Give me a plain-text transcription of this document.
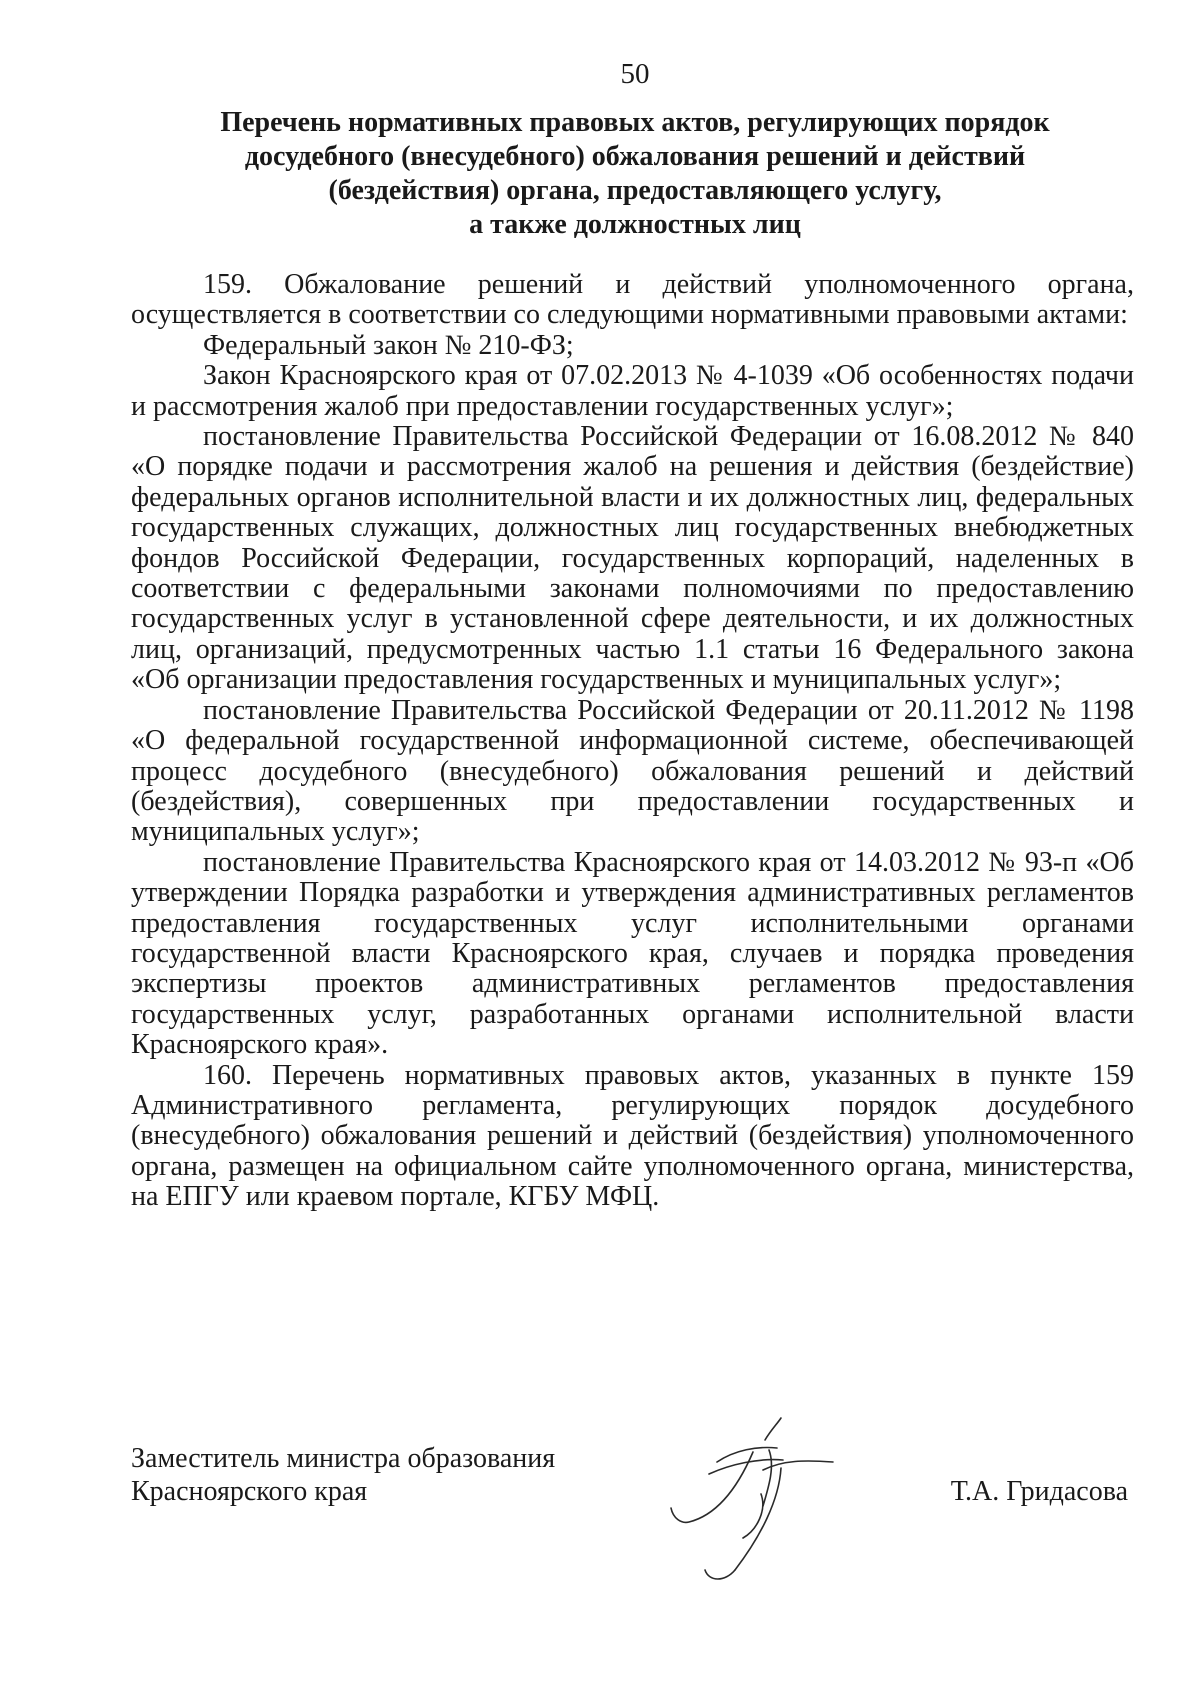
50
Перечень нормативных правовых актов, регулирующих порядок
досудебного (внесудебного) обжалования решений и действий
(бездействия) органа, предоставляющего услугу,
а также должностных лиц

159. Обжалование решений и действий уполномоченного органа, осуществляется в соответствии со следующими нормативными правовыми актами:

Федеральный закон № 210-ФЗ;

Закон Красноярского края от 07.02.2013 № 4-1039 «Об особенностях подачи и рассмотрения жалоб при предоставлении государственных услуг»;

постановление Правительства Российской Федерации от 16.08.2012 № 840 «О порядке подачи и рассмотрения жалоб на решения и действия (бездействие) федеральных органов исполнительной власти и их должностных лиц, федеральных государственных служащих, должностных лиц государственных внебюджетных фондов Российской Федерации, государственных корпораций, наделенных в соответствии с федеральными законами полномочиями по предоставлению государственных услуг в установленной сфере деятельности, и их должностных лиц, организаций, предусмотренных частью 1.1 статьи 16 Федерального закона «Об организации предоставления государственных и муниципальных услуг»;

постановление Правительства Российской Федерации от 20.11.2012 № 1198 «О федеральной государственной информационной системе, обеспечивающей процесс досудебного (внесудебного) обжалования решений и действий (бездействия), совершенных при предоставлении государственных и муниципальных услуг»;

постановление Правительства Красноярского края от 14.03.2012 № 93-п «Об утверждении Порядка разработки и утверждения административных регламентов предоставления государственных услуг исполнительными органами государственной власти Красноярского края, случаев и порядка проведения экспертизы проектов административных регламентов предоставления государственных услуг, разработанных органами исполнительной власти Красноярского края».

160. Перечень нормативных правовых актов, указанных в пункте 159 Административного регламента, регулирующих порядок досудебного (внесудебного) обжалования решений и действий (бездействия) уполномоченного органа, размещен на официальном сайте уполномоченного органа, министерства, на ЕПГУ или краевом портале, КГБУ МФЦ.

Заместитель министра образования
Красноярского края	Т.А. Гридасова
